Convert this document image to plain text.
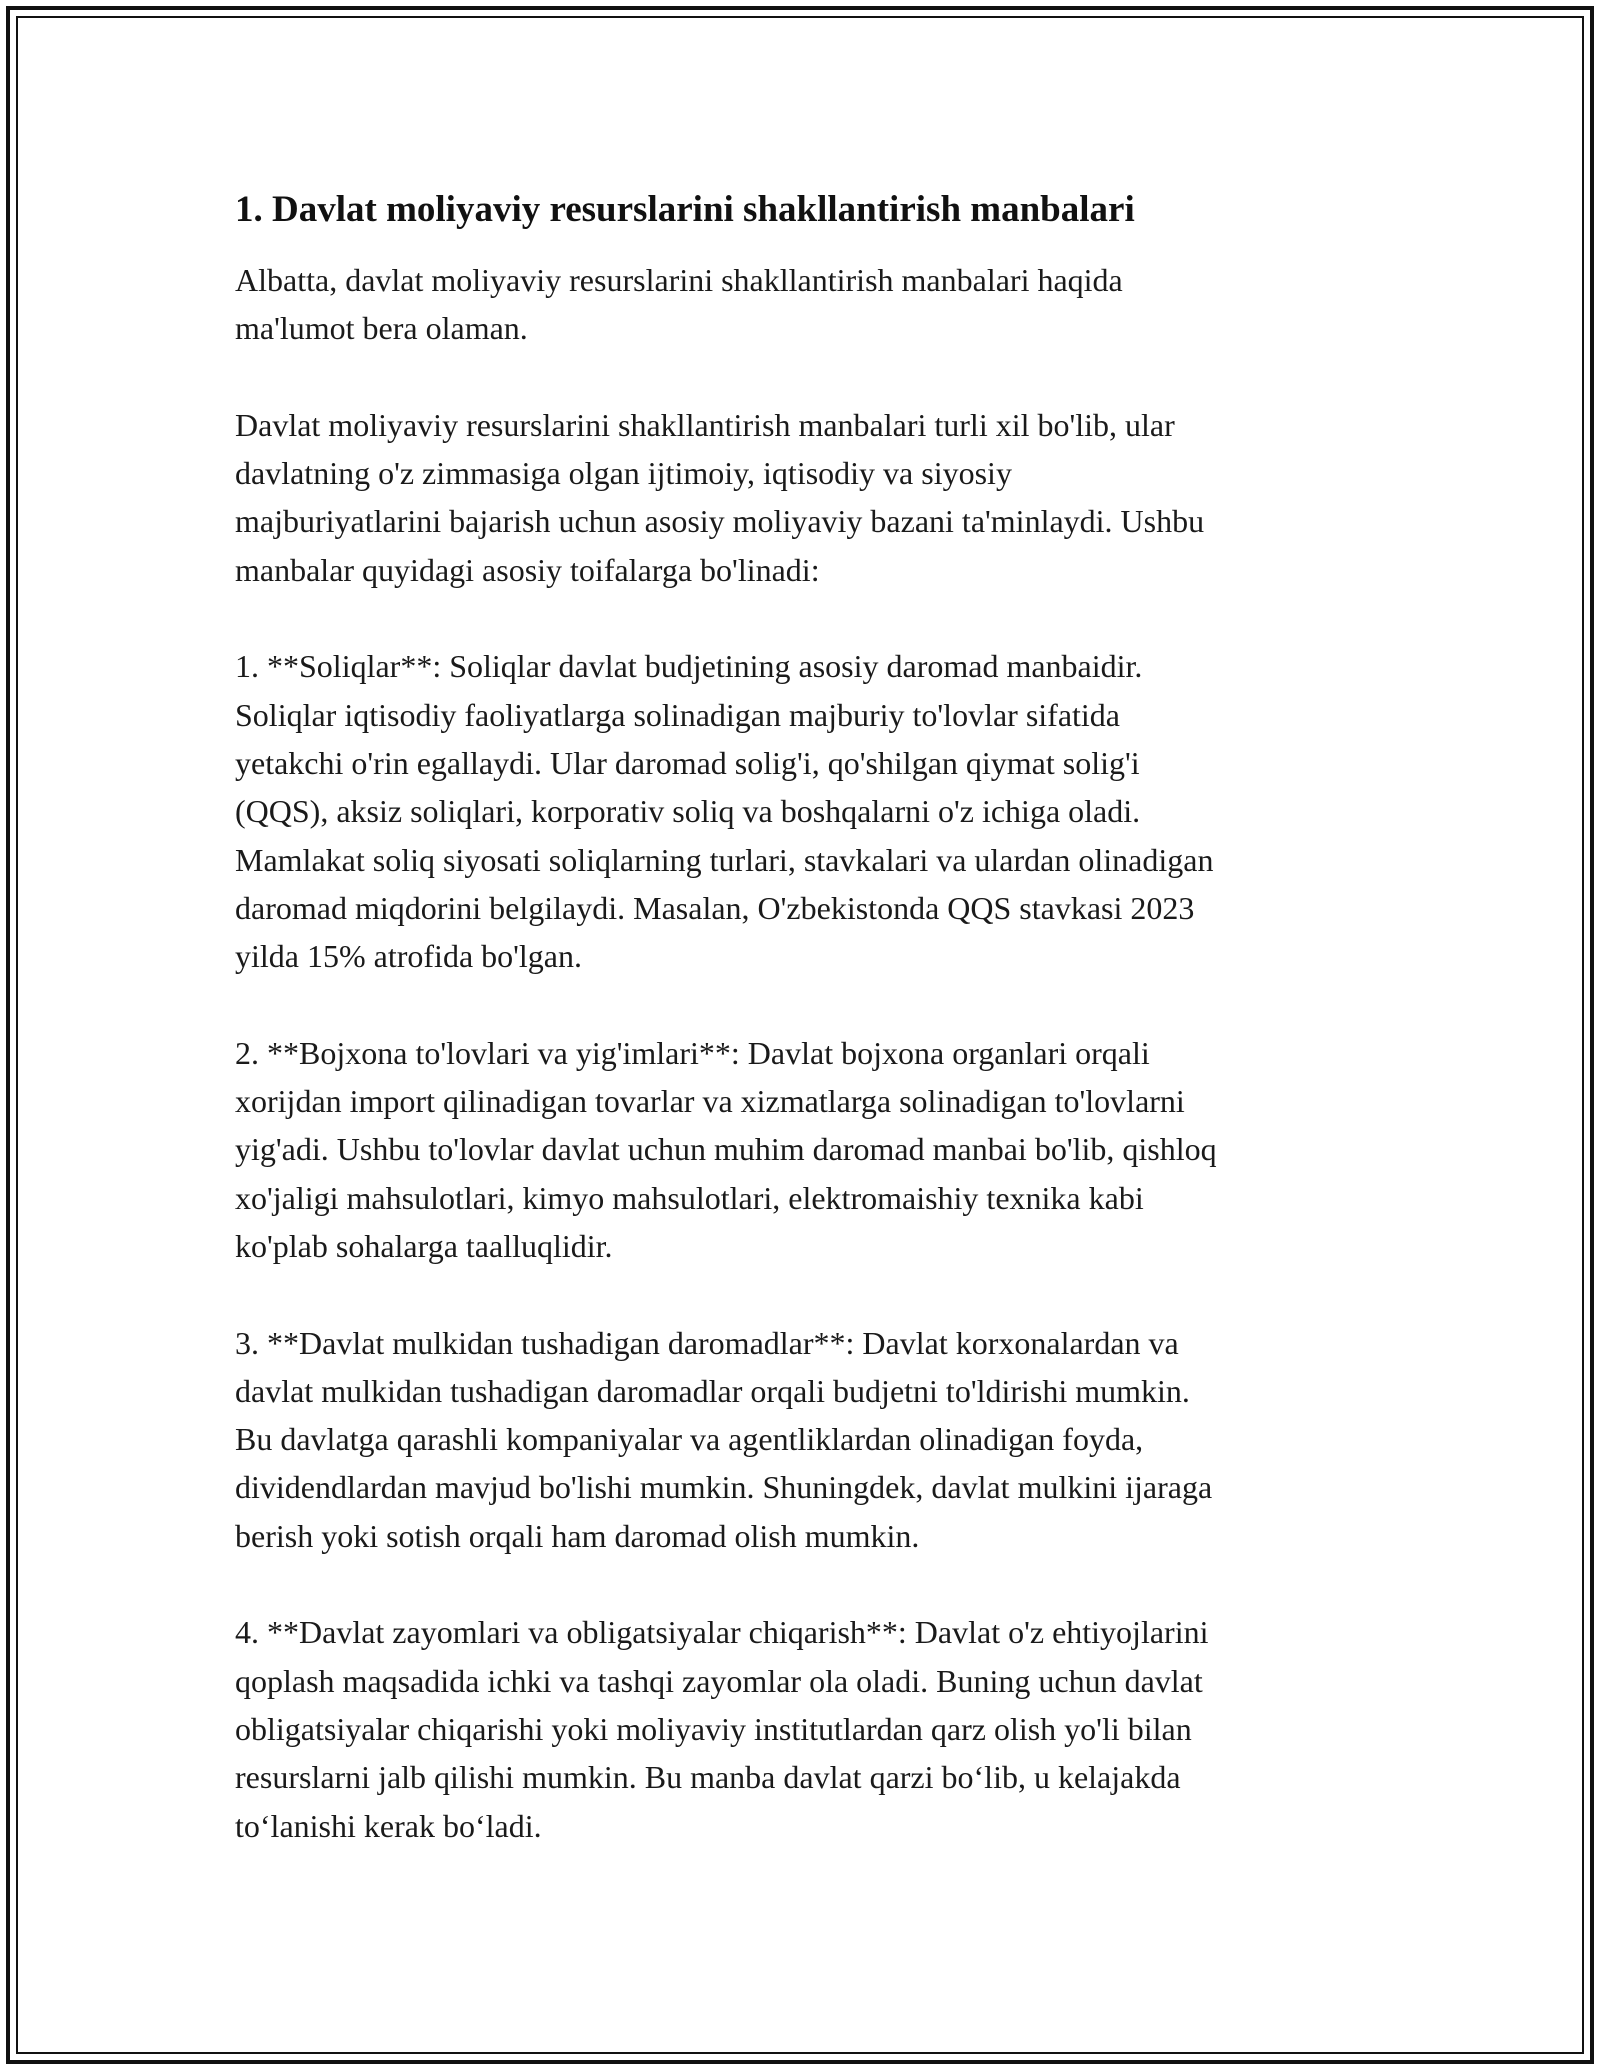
1. Davlat moliyaviy resurslarini shakllantirish manbalari

Albatta, davlat moliyaviy resurslarini shakllantirish manbalari haqida
ma'lumot bera olaman.

Davlat moliyaviy resurslarini shakllantirish manbalari turli xil bo'lib, ular
davlatning o'z zimmasiga olgan ijtimoiy, iqtisodiy va siyosiy
majburiyatlarini bajarish uchun asosiy moliyaviy bazani ta'minlaydi. Ushbu
manbalar quyidagi asosiy toifalarga bo'linadi:

1. **Soliqlar**: Soliqlar davlat budjetining asosiy daromad manbaidir.
Soliqlar iqtisodiy faoliyatlarga solinadigan majburiy to'lovlar sifatida
yetakchi o'rin egallaydi. Ular daromad solig'i, qo'shilgan qiymat solig'i
(QQS), aksiz soliqlari, korporativ soliq va boshqalarni o'z ichiga oladi.
Mamlakat soliq siyosati soliqlarning turlari, stavkalari va ulardan olinadigan
daromad miqdorini belgilaydi. Masalan, O'zbekistonda QQS stavkasi 2023
yilda 15% atrofida bo'lgan.

2. **Bojxona to'lovlari va yig'imlari**: Davlat bojxona organlari orqali
xorijdan import qilinadigan tovarlar va xizmatlarga solinadigan to'lovlarni
yig'adi. Ushbu to'lovlar davlat uchun muhim daromad manbai bo'lib, qishloq
xo'jaligi mahsulotlari, kimyo mahsulotlari, elektromaishiy texnika kabi
ko'plab sohalarga taalluqlidir.

3. **Davlat mulkidan tushadigan daromadlar**: Davlat korxonalardan va
davlat mulkidan tushadigan daromadlar orqali budjetni to'ldirishi mumkin.
Bu davlatga qarashli kompaniyalar va agentliklardan olinadigan foyda,
dividendlardan mavjud bo'lishi mumkin. Shuningdek, davlat mulkini ijaraga
berish yoki sotish orqali ham daromad olish mumkin.

4. **Davlat zayomlari va obligatsiyalar chiqarish**: Davlat o'z ehtiyojlarini
qoplash maqsadida ichki va tashqi zayomlar ola oladi. Buning uchun davlat
obligatsiyalar chiqarishi yoki moliyaviy institutlardan qarz olish yo'li bilan
resurslarni jalb qilishi mumkin. Bu manba davlat qarzi bo‘lib, u kelajakda
to‘lanishi kerak bo‘ladi.
